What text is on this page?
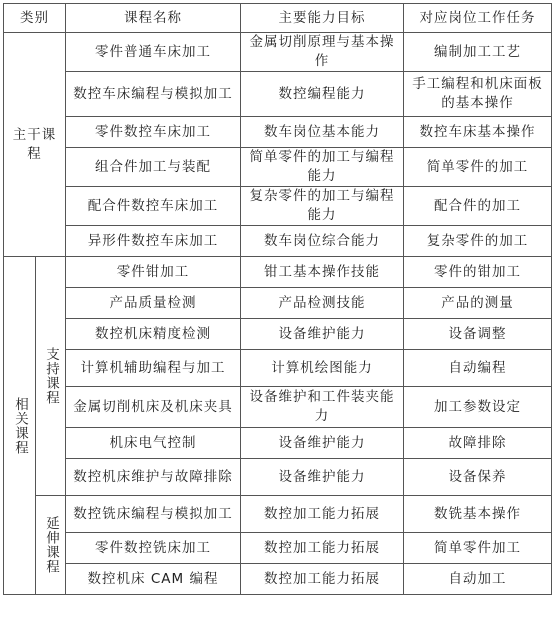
类别		课程名称	主要能力目标	对应岗位工作任务
主干课程		零件普通车床加工	金属切削原理与基本操作	编制加工工艺
		数控车床编程与模拟加工	数控编程能力	手工编程和机床面板的基本操作
		零件数控车床加工	数车岗位基本能力	数控车床基本操作
		组合件加工与装配	简单零件的加工与编程能力	简单零件的加工
		配合件数控车床加工	复杂零件的加工与编程能力	配合件的加工
		异形件数控车床加工	数车岗位综合能力	复杂零件的加工
相关课程	支持课程	零件钳加工	钳工基本操作技能	零件的钳加工
		产品质量检测	产品检测技能	产品的测量
		数控机床精度检测	设备维护能力	设备调整
		计算机辅助编程与加工	计算机绘图能力	自动编程
		金属切削机床及机床夹具	设备维护和工件装夹能力	加工参数设定
		机床电气控制	设备维护能力	故障排除
		数控机床维护与故障排除	设备维护能力	设备保养
	延伸课程	数控铣床编程与模拟加工	数控加工能力拓展	数铣基本操作
		零件数控铣床加工	数控加工能力拓展	简单零件加工
		数控机床 CAM 编程	数控加工能力拓展	自动加工
